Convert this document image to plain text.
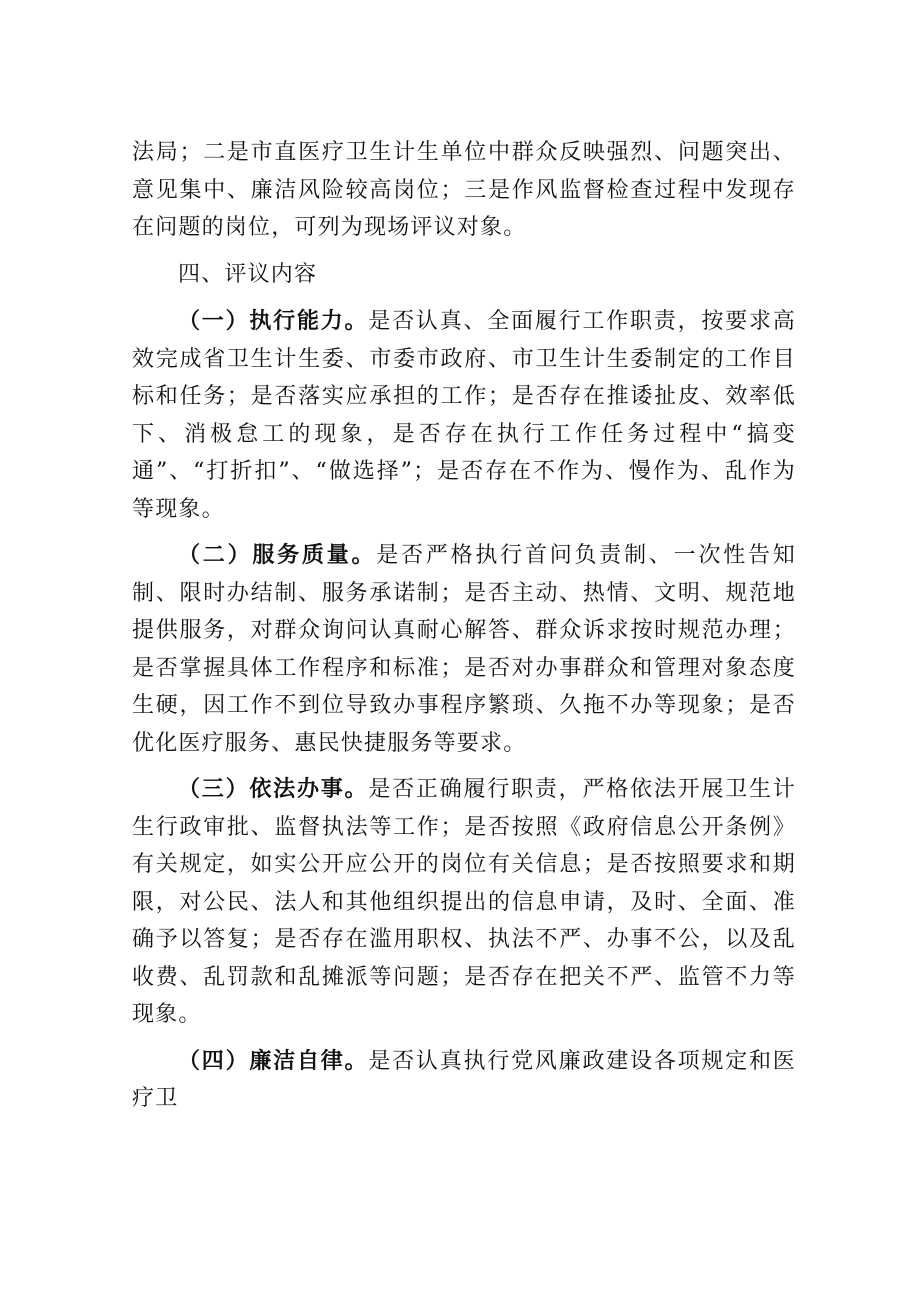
法局；二是市直医疗卫生计生单位中群众反映强烈、问题突出、意见集中、廉洁风险较高岗位；三是作风监督检查过程中发现存在问题的岗位，可列为现场评议对象。

四、评议内容

（一）执行能力。是否认真、全面履行工作职责，按要求高效完成省卫生计生委、市委市政府、市卫生计生委制定的工作目标和任务；是否落实应承担的工作；是否存在推诿扯皮、效率低下、消极怠工的现象，是否存在执行工作任务过程中“搞变通”、“打折扣”、“做选择”；是否存在不作为、慢作为、乱作为等现象。

（二）服务质量。是否严格执行首问负责制、一次性告知制、限时办结制、服务承诺制；是否主动、热情、文明、规范地提供服务，对群众询问认真耐心解答、群众诉求按时规范办理；是否掌握具体工作程序和标准；是否对办事群众和管理对象态度生硬，因工作不到位导致办事程序繁琐、久拖不办等现象；是否优化医疗服务、惠民快捷服务等要求。

（三）依法办事。是否正确履行职责，严格依法开展卫生计生行政审批、监督执法等工作；是否按照《政府信息公开条例》有关规定，如实公开应公开的岗位有关信息；是否按照要求和期限，对公民、法人和其他组织提出的信息申请，及时、全面、准确予以答复；是否存在滥用职权、执法不严、办事不公，以及乱收费、乱罚款和乱摊派等问题；是否存在把关不严、监管不力等现象。

（四）廉洁自律。是否认真执行党风廉政建设各项规定和医疗卫
